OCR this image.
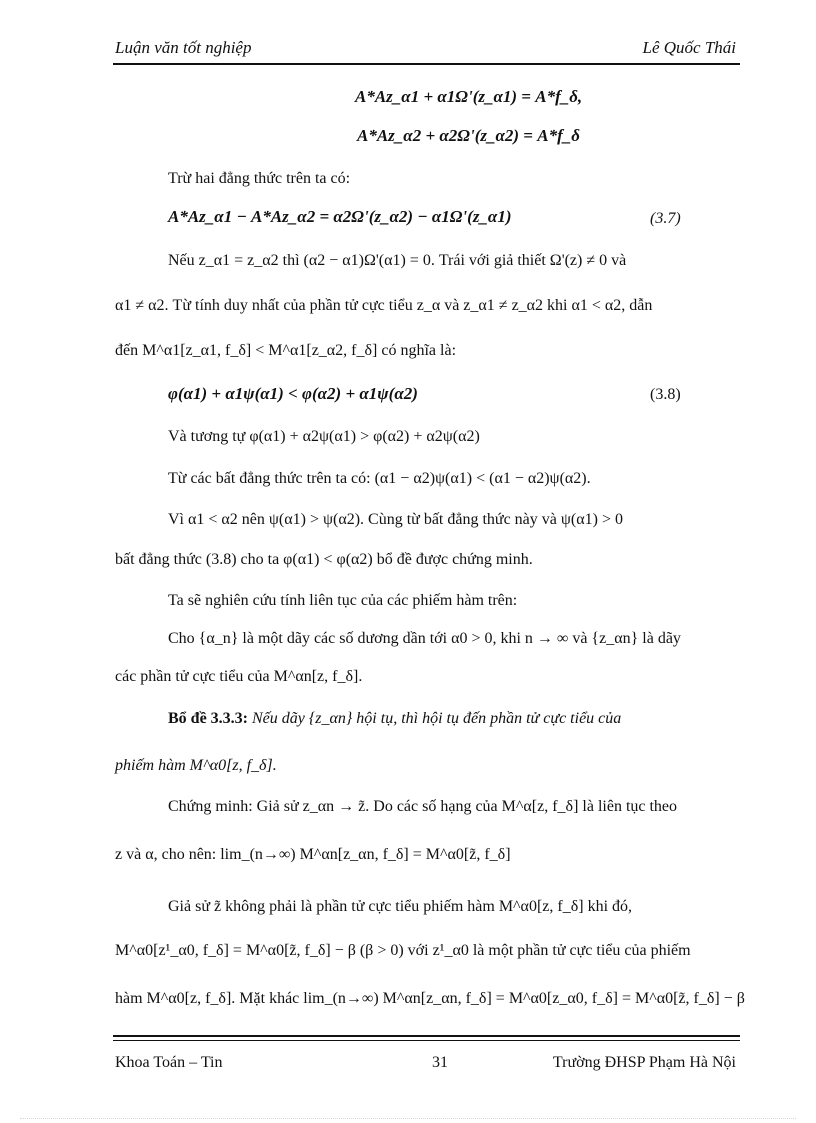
Luận văn tốt nghiệp	Lê Quốc Thái
A*Az_α1 + α1Ω'(z_α1) = A*f_δ,
A*Az_α2 + α2Ω'(z_α2) = A*f_δ
Trừ hai đẳng thức trên ta có:
A*Az_α1 − A*Az_α2 = α2Ω'(z_α2) − α1Ω'(z_α1)	(3.7)
Nếu z_α1 = z_α2 thì (α2 − α1)Ω'(α1) = 0. Trái với giả thiết Ω'(z) ≠ 0 và
α1 ≠ α2. Từ tính duy nhất của phần tử cực tiểu z_α và z_α1 ≠ z_α2 khi α1 < α2, dẫn
đến M^α1[z_α1, f_δ] < M^α1[z_α2, f_δ] có nghĩa là:
φ(α1) + α1ψ(α1) < φ(α2) + α1ψ(α2)	(3.8)
Và tương tự φ(α1) + α2ψ(α1) > φ(α2) + α2ψ(α2)
Từ các bất đẳng thức trên ta có: (α1 − α2)ψ(α1) < (α1 − α2)ψ(α2).
Vì α1 < α2 nên ψ(α1) > ψ(α2). Cùng từ bất đẳng thức này và ψ(α1) > 0
bất đẳng thức (3.8) cho ta φ(α1) < φ(α2) bổ đề được chứng minh.
Ta sẽ nghiên cứu tính liên tục của các phiếm hàm trên:
Cho {α_n} là một dãy các số dương dần tới α0 > 0, khi n → ∞ và {z_αn} là dãy
các phần tử cực tiểu của M^αn[z, f_δ].
Bổ đề 3.3.3: Nếu dãy {z_αn} hội tụ, thì hội tụ đến phần tử cực tiểu của
phiếm hàm M^α0[z, f_δ].
Chứng minh: Giả sử z_αn → z̃. Do các số hạng của M^α[z, f_δ] là liên tục theo
z và α, cho nên: lim_(n→∞) M^αn[z_αn, f_δ] = M^α0[z̃, f_δ]
Giả sử z̃ không phải là phần tử cực tiểu phiếm hàm M^α0[z, f_δ] khi đó,
M^α0[z¹_α0, f_δ] = M^α0[z̃, f_δ] − β (β > 0) với z¹_α0 là một phần tử cực tiểu của phiếm
hàm M^α0[z, f_δ]. Mặt khác lim_(n→∞) M^αn[z_αn, f_δ] = M^α0[z_α0, f_δ] = M^α0[z̃, f_δ] − β
Khoa Toán – Tin	31	Trường ĐHSP Phạm Hà Nội
